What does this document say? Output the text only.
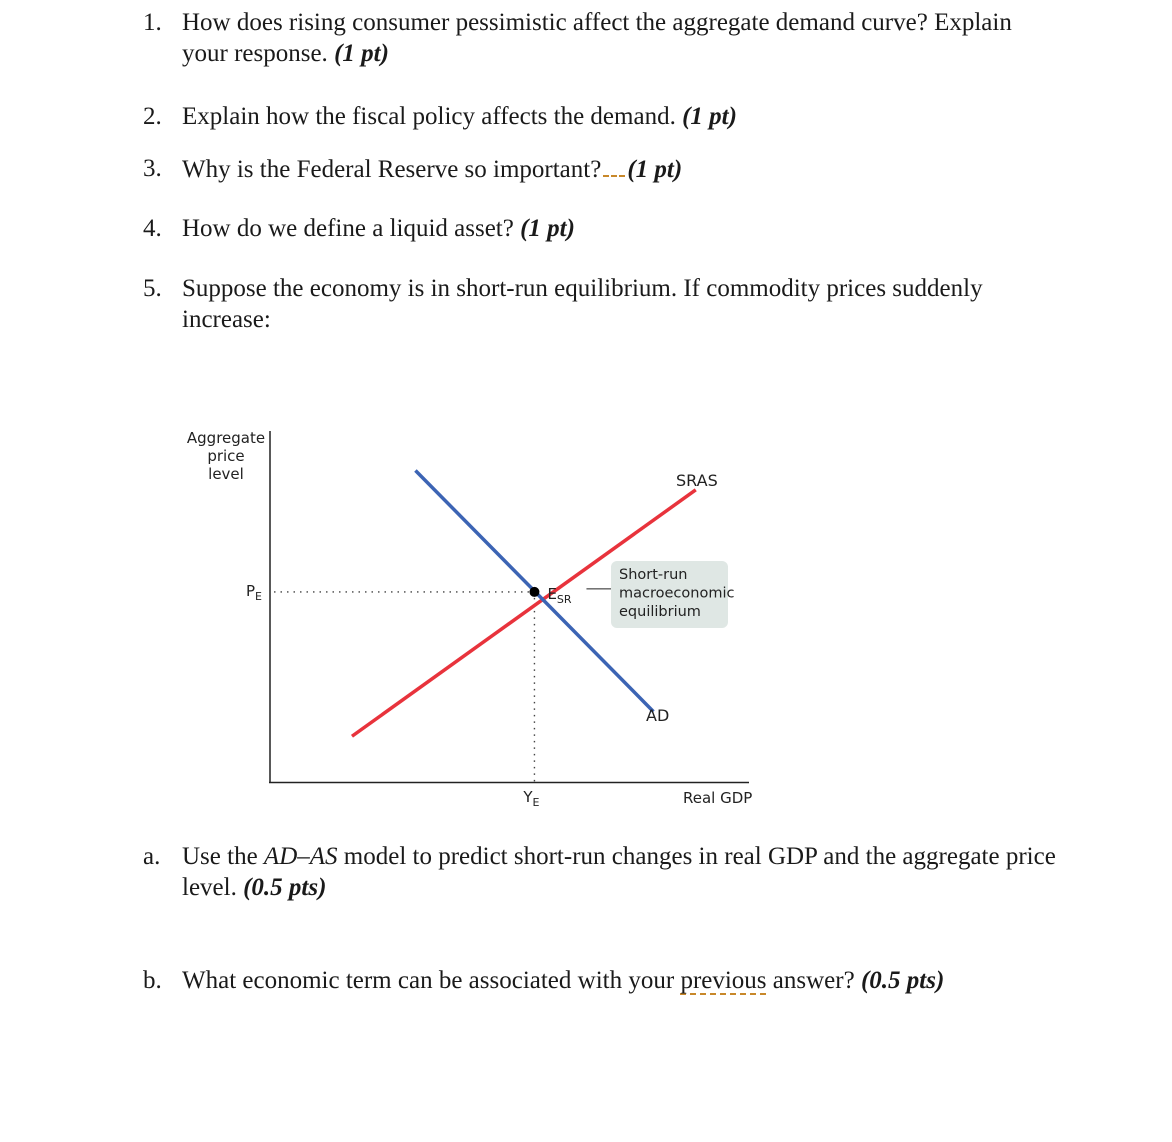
1. How does rising consumer pessimistic affect the aggregate demand curve? Explain your response. (1 pt)
2. Explain how the fiscal policy affects the demand. (1 pt)
3. Why is the Federal Reserve so important? (1 pt)
4. How do we define a liquid asset? (1 pt)
5. Suppose the economy is in short-run equilibrium. If commodity prices suddenly increase:
Aggregate
price
level
$P_E$
$Y_E$
$E_{SR}$
Short-run
macroeconomic
equilibrium
SRAS
AD
Real GDP
a. Use the AD–AS model to predict short-run changes in real GDP and the aggregate price level. (0.5 pts)
b. What economic term can be associated with your previous answer? (0.5 pts)
